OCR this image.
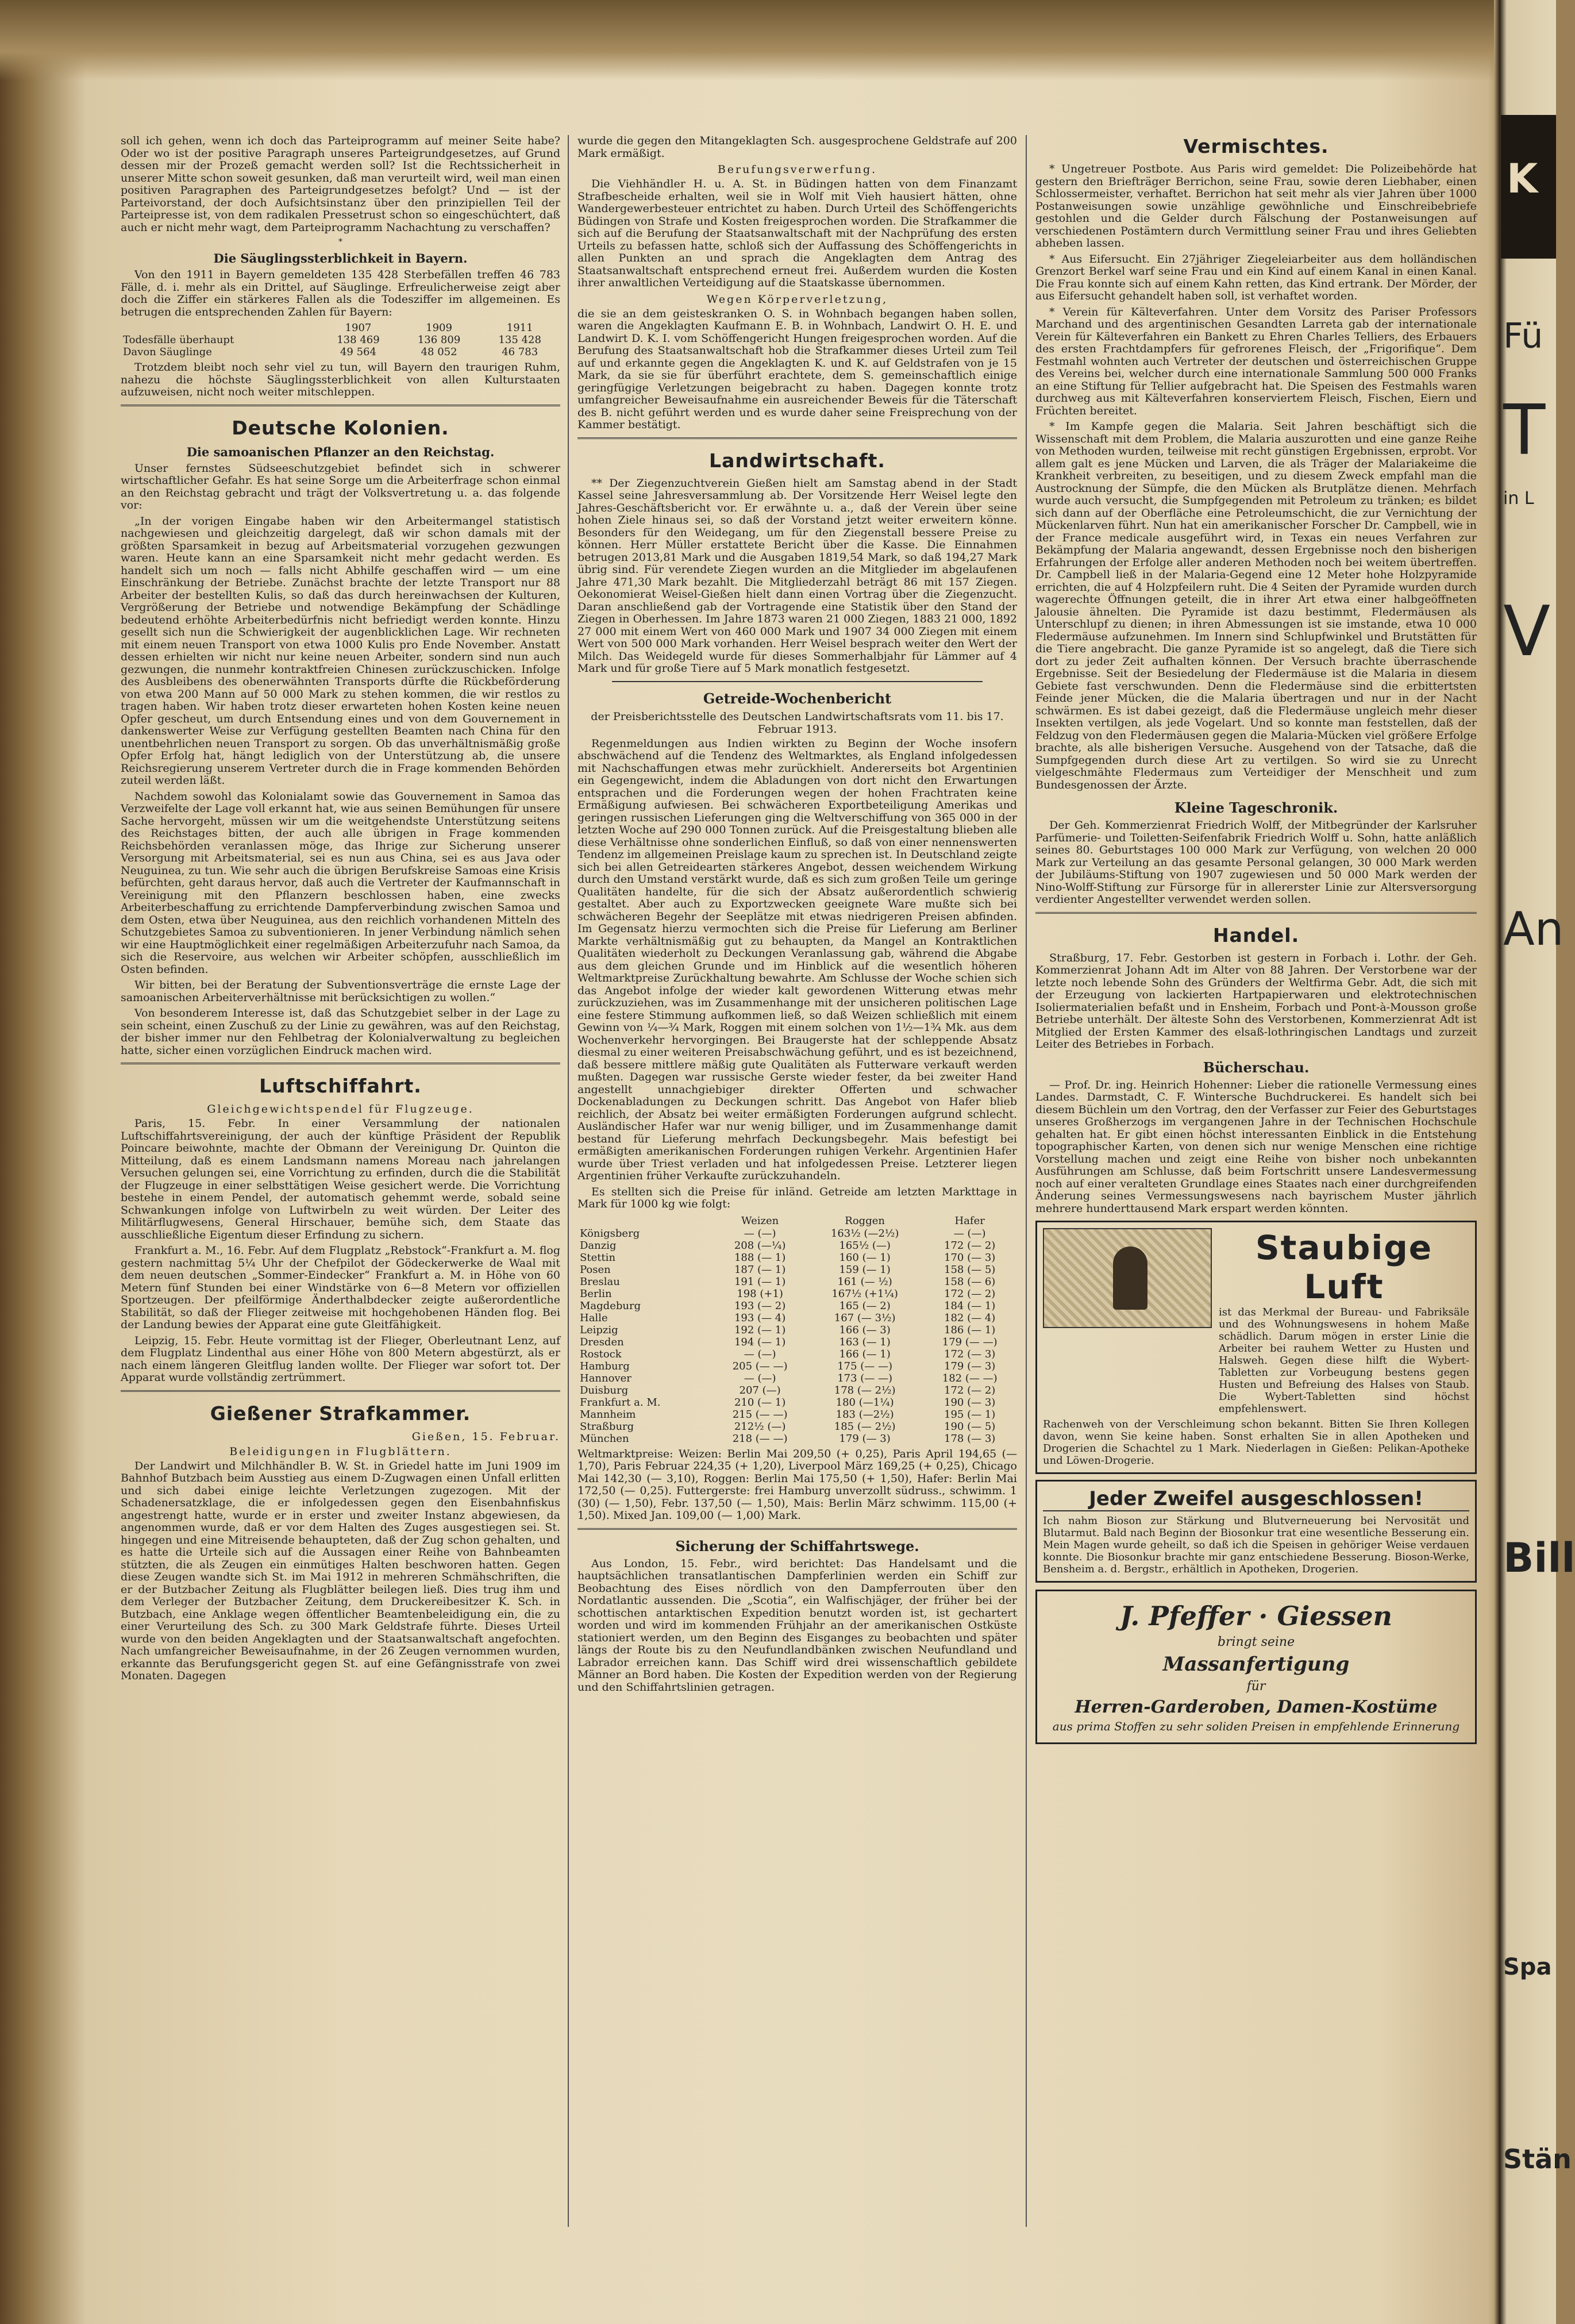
K
Fü
T
in L
V
An
Bill
Spa
Stän

soll ich gehen, wenn ich doch das Parteiprogramm auf meiner Seite habe? Oder wo ist der positive Paragraph unseres Parteigrundgesetzes, auf Grund dessen mir der Prozeß gemacht werden soll? Ist die Rechtssicherheit in unserer Mitte schon soweit gesunken, daß man verurteilt wird, weil man einen positiven Paragraphen des Parteigrundgesetzes befolgt? Und — ist der Parteivorstand, der doch Aufsichtsinstanz über den prinzipiellen Teil der Parteipresse ist, von dem radikalen Pressetrust schon so eingeschüchtert, daß auch er nicht mehr wagt, dem Parteiprogramm Nachachtung zu verschaffen?

*
Die Säuglingssterblichkeit in Bayern.

Von den 1911 in Bayern gemeldeten 135 428 Sterbefällen treffen 46 783 Fälle, d. i. mehr als ein Drittel, auf Säuglinge. Erfreulicherweise zeigt aber doch die Ziffer ein stärkeres Fallen als die Todesziffer im allgemeinen. Es betrugen die entsprechenden Zahlen für Bayern:

	1907	1909	1911
Todesfälle überhaupt	138 469	136 809	135 428
Davon Säuglinge	49 564	48 052	46 783

Trotzdem bleibt noch sehr viel zu tun, will Bayern den traurigen Ruhm, nahezu die höchste Säuglingssterblichkeit von allen Kulturstaaten aufzuweisen, nicht noch weiter mitschleppen.

Deutsche Kolonien.
Die samoanischen Pflanzer an den Reichstag.

Unser fernstes Südseeschutzgebiet befindet sich in schwerer wirtschaftlicher Gefahr. Es hat seine Sorge um die Arbeiterfrage schon einmal an den Reichstag gebracht und trägt der Volksvertretung u. a. das folgende vor:

„In der vorigen Eingabe haben wir den Arbeitermangel statistisch nachgewiesen und gleichzeitig dargelegt, daß wir schon damals mit der größten Sparsamkeit in bezug auf Arbeitsmaterial vorzugehen gezwungen waren. Heute kann an eine Sparsamkeit nicht mehr gedacht werden. Es handelt sich um noch — falls nicht Abhilfe geschaffen wird — um eine Einschränkung der Betriebe. Zunächst brachte der letzte Transport nur 88 Arbeiter der bestellten Kulis, so daß das durch hereinwachsen der Kulturen, Vergrößerung der Betriebe und notwendige Bekämpfung der Schädlinge bedeutend erhöhte Arbeiterbedürfnis nicht befriedigt werden konnte. Hinzu gesellt sich nun die Schwierigkeit der augenblicklichen Lage. Wir rechneten mit einem neuen Transport von etwa 1000 Kulis pro Ende November. Anstatt dessen erhielten wir nicht nur keine neuen Arbeiter, sondern sind nun auch gezwungen, die nunmehr kontraktfreien Chinesen zurückzuschicken. Infolge des Ausbleibens des obenerwähnten Transports dürfte die Rückbeförderung von etwa 200 Mann auf 50 000 Mark zu stehen kommen, die wir restlos zu tragen haben. Wir haben trotz dieser erwarteten hohen Kosten keine neuen Opfer gescheut, um durch Entsendung eines und von dem Gouvernement in dankenswerter Weise zur Verfügung gestellten Beamten nach China für den unentbehrlichen neuen Transport zu sorgen. Ob das unverhältnismäßig große Opfer Erfolg hat, hängt lediglich von der Unterstützung ab, die unsere Reichsregierung unserem Vertreter durch die in Frage kommenden Behörden zuteil werden läßt.

Nachdem sowohl das Kolonialamt sowie das Gouvernement in Samoa das Verzweifelte der Lage voll erkannt hat, wie aus seinen Bemühungen für unsere Sache hervorgeht, müssen wir um die weitgehendste Unterstützung seitens des Reichstages bitten, der auch alle übrigen in Frage kommenden Reichsbehörden veranlassen möge, das Ihrige zur Sicherung unserer Versorgung mit Arbeitsmaterial, sei es nun aus China, sei es aus Java oder Neuguinea, zu tun. Wie sehr auch die übrigen Berufskreise Samoas eine Krisis befürchten, geht daraus hervor, daß auch die Vertreter der Kaufmannschaft in Vereinigung mit den Pflanzern beschlossen haben, eine zwecks Arbeiterbeschaffung zu errichtende Dampferverbindung zwischen Samoa und dem Osten, etwa über Neuguinea, aus den reichlich vorhandenen Mitteln des Schutzgebietes Samoa zu subventionieren. In jener Verbindung nämlich sehen wir eine Hauptmöglichkeit einer regelmäßigen Arbeiterzufuhr nach Samoa, da sich die Reservoire, aus welchen wir Arbeiter schöpfen, ausschließlich im Osten befinden.

Wir bitten, bei der Beratung der Subventionsverträge die ernste Lage der samoanischen Arbeiterverhältnisse mit berücksichtigen zu wollen.“

Von besonderem Interesse ist, daß das Schutzgebiet selber in der Lage zu sein scheint, einen Zuschuß zu der Linie zu gewähren, was auf den Reichstag, der bisher immer nur den Fehlbetrag der Kolonialverwaltung zu begleichen hatte, sicher einen vorzüglichen Eindruck machen wird.

Luftschiffahrt.
Gleichgewichtspendel für Flugzeuge.

Paris, 15. Febr. In einer Versammlung der nationalen Luftschiffahrtsvereinigung, der auch der künftige Präsident der Republik Poincare beiwohnte, machte der Obmann der Vereinigung Dr. Quinton die Mitteilung, daß es einem Landsmann namens Moreau nach jahrelangen Versuchen gelungen sei, eine Vorrichtung zu erfinden, durch die die Stabilität der Flugzeuge in einer selbsttätigen Weise gesichert werde. Die Vorrichtung bestehe in einem Pendel, der automatisch gehemmt werde, sobald seine Schwankungen infolge von Luftwirbeln zu weit würden. Der Leiter des Militärflugwesens, General Hirschauer, bemühe sich, dem Staate das ausschließliche Eigentum dieser Erfindung zu sichern.

Frankfurt a. M., 16. Febr. Auf dem Flugplatz „Rebstock“-Frankfurt a. M. flog gestern nachmittag 5¼ Uhr der Chefpilot der Gödeckerwerke de Waal mit dem neuen deutschen „Sommer-Eindecker“ Frankfurt a. M. in Höhe von 60 Metern fünf Stunden bei einer Windstärke von 6—8 Metern vor offiziellen Sportzeugen. Der pfeilförmige Änderthalbdecker zeigte außerordentliche Stabilität, so daß der Flieger zeitweise mit hochgehobenen Händen flog. Bei der Landung bewies der Apparat eine gute Gleitfähigkeit.

Leipzig, 15. Febr. Heute vormittag ist der Flieger, Oberleutnant Lenz, auf dem Flugplatz Lindenthal aus einer Höhe von 800 Metern abgestürzt, als er nach einem längeren Gleitflug landen wollte. Der Flieger war sofort tot. Der Apparat wurde vollständig zertrümmert.

Gießener Strafkammer.
Gießen, 15. Februar.
Beleidigungen in Flugblättern.

Der Landwirt und Milchhändler B. W. St. in Griedel hatte im Juni 1909 im Bahnhof Butzbach beim Ausstieg aus einem D-Zugwagen einen Unfall erlitten und sich dabei einige leichte Verletzungen zugezogen. Mit der Schadenersatzklage, die er infolgedessen gegen den Eisenbahnfiskus angestrengt hatte, wurde er in erster und zweiter Instanz abgewiesen, da angenommen wurde, daß er vor dem Halten des Zuges ausgestiegen sei. St. hingegen und eine Mitreisende behaupteten, daß der Zug schon gehalten, und es hatte die Urteile sich auf die Aussagen einer Reihe von Bahnbeamten stützten, die als Zeugen ein einmütiges Halten beschworen hatten. Gegen diese Zeugen wandte sich St. im Mai 1912 in mehreren Schmähschriften, die er der Butzbacher Zeitung als Flugblätter beilegen ließ. Dies trug ihm und dem Verleger der Butzbacher Zeitung, dem Druckereibesitzer K. Sch. in Butzbach, eine Anklage wegen öffentlicher Beamtenbeleidigung ein, die zu einer Verurteilung des Sch. zu 300 Mark Geldstrafe führte. Dieses Urteil wurde von den beiden Angeklagten und der Staatsanwaltschaft angefochten. Nach umfangreicher Beweisaufnahme, in der 26 Zeugen vernommen wurden, erkannte das Berufungsgericht gegen St. auf eine Gefängnisstrafe von zwei Monaten. Dagegen

wurde die gegen den Mitangeklagten Sch. ausgesprochene Geldstrafe auf 200 Mark ermäßigt.

Berufungsverwerfung.

Die Viehhändler H. u. A. St. in Büdingen hatten von dem Finanzamt Strafbescheide erhalten, weil sie in Wolf mit Vieh hausiert hätten, ohne Wandergewerbesteuer entrichtet zu haben. Durch Urteil des Schöffengerichts Büdingen von Strafe und Kosten freigesprochen worden. Die Strafkammer die sich auf die Berufung der Staatsanwaltschaft mit der Nachprüfung des ersten Urteils zu befassen hatte, schloß sich der Auffassung des Schöffengerichts in allen Punkten an und sprach die Angeklagten dem Antrag des Staatsanwaltschaft entsprechend erneut frei. Außerdem wurden die Kosten ihrer anwaltlichen Verteidigung auf die Staatskasse übernommen.

Wegen Körperverletzung,

die sie an dem geisteskranken O. S. in Wohnbach begangen haben sollen, waren die Angeklagten Kaufmann E. B. in Wohnbach, Landwirt O. H. E. und Landwirt D. K. I. vom Schöffengericht Hungen freigesprochen worden. Auf die Berufung des Staatsanwaltschaft hob die Strafkammer dieses Urteil zum Teil auf und erkannte gegen die Angeklagten K. und K. auf Geldstrafen von je 15 Mark, da sie sie für überführt erachtete, dem S. gemeinschaftlich einige geringfügige Verletzungen beigebracht zu haben. Dagegen konnte trotz umfangreicher Beweisaufnahme ein ausreichender Beweis für die Täterschaft des B. nicht geführt werden und es wurde daher seine Freisprechung von der Kammer bestätigt.

Landwirtschaft.

** Der Ziegenzuchtverein Gießen hielt am Samstag abend in der Stadt Kassel seine Jahresversammlung ab. Der Vorsitzende Herr Weisel legte den Jahres-Geschäftsbericht vor. Er erwähnte u. a., daß der Verein über seine hohen Ziele hinaus sei, so daß der Vorstand jetzt weiter erweitern könne. Besonders für den Weidegang, um für den Ziegenstall bessere Preise zu können. Herr Müller erstattete Bericht über die Kasse. Die Einnahmen betrugen 2013,81 Mark und die Ausgaben 1819,54 Mark, so daß 194,27 Mark übrig sind. Für verendete Ziegen wurden an die Mitglieder im abgelaufenen Jahre 471,30 Mark bezahlt. Die Mitgliederzahl beträgt 86 mit 157 Ziegen. Oekonomierat Weisel-Gießen hielt dann einen Vortrag über die Ziegenzucht. Daran anschließend gab der Vortragende eine Statistik über den Stand der Ziegen in Oberhessen. Im Jahre 1873 waren 21 000 Ziegen, 1883 21 000, 1892 27 000 mit einem Wert von 460 000 Mark und 1907 34 000 Ziegen mit einem Wert von 500 000 Mark vorhanden. Herr Weisel besprach weiter den Wert der Milch. Das Weidegeld wurde für dieses Sommerhalbjahr für Lämmer auf 4 Mark und für große Tiere auf 5 Mark monatlich festgesetzt.

Getreide-Wochenbericht
der Preisberichtsstelle des Deutschen Landwirtschaftsrats vom 11. bis 17. Februar 1913.

Regenmeldungen aus Indien wirkten zu Beginn der Woche insofern abschwächend auf die Tendenz des Weltmarktes, als England infolgedessen mit Nachschaffungen etwas mehr zurückhielt. Andererseits bot Argentinien ein Gegengewicht, indem die Abladungen von dort nicht den Erwartungen entsprachen und die Forderungen wegen der hohen Frachtraten keine Ermäßigung aufwiesen. Bei schwächeren Exportbeteiligung Amerikas und geringen russischen Lieferungen ging die Weltverschiffung von 365 000 in der letzten Woche auf 290 000 Tonnen zurück. Auf die Preisgestaltung blieben alle diese Verhältnisse ohne sonderlichen Einfluß, so daß von einer nennenswerten Tendenz im allgemeinen Preislage kaum zu sprechen ist. In Deutschland zeigte sich bei allen Getreidearten stärkeres Angebot, dessen weichendem Wirkung durch den Umstand verstärkt wurde, daß es sich zum großen Teile um geringe Qualitäten handelte, für die sich der Absatz außerordentlich schwierig gestaltet. Aber auch zu Exportzwecken geeignete Ware mußte sich bei schwächeren Begehr der Seeplätze mit etwas niedrigeren Preisen abfinden. Im Gegensatz hierzu vermochten sich die Preise für Lieferung am Berliner Markte verhältnismäßig gut zu behaupten, da Mangel an Kontraktlichen Qualitäten wiederholt zu Deckungen Veranlassung gab, während die Abgabe aus dem gleichen Grunde und im Hinblick auf die wesentlich höheren Weltmarktpreise Zurückhaltung bewahrte. Am Schlusse der Woche schien sich das Angebot infolge der wieder kalt gewordenen Witterung etwas mehr zurückzuziehen, was im Zusammenhange mit der unsicheren politischen Lage eine festere Stimmung aufkommen ließ, so daß Weizen schließlich mit einem Gewinn von ¼—¾ Mark, Roggen mit einem solchen von 1½—1¾ Mk. aus dem Wochenverkehr hervorgingen. Bei Braugerste hat der schleppende Absatz diesmal zu einer weiteren Preisabschwächung geführt, und es ist bezeichnend, daß bessere mittlere mäßig gute Qualitäten als Futterware verkauft werden mußten. Dagegen war russische Gerste wieder fester, da bei zweiter Hand angestellt unnachgiebiger direkter Offerten und schwacher Dockenabladungen zu Deckungen schritt. Das Angebot von Hafer blieb reichlich, der Absatz bei weiter ermäßigten Forderungen aufgrund schlecht. Ausländischer Hafer war nur wenig billiger, und im Zusammenhange damit bestand für Lieferung mehrfach Deckungsbegehr. Mais befestigt bei ermäßigten amerikanischen Forderungen ruhigen Verkehr. Argentinien Hafer wurde über Triest verladen und hat infolgedessen Preise. Letzterer liegen Argentinien früher Verkaufte zurückzuhandeln.

Es stellten sich die Preise für inländ. Getreide am letzten Markttage in Mark für 1000 kg wie folgt:

	Weizen	Roggen	Hafer
Königsberg	— (—)	163½ (—2½)	— (—)
Danzig	208 (—¼)	165½ (—)	172 (— 2)
Stettin	188 (— 1)	160 (— 1)	170 (— 3)
Posen	187 (— 1)	159 (— 1)	158 (— 5)
Breslau	191 (— 1)	161 (— ½)	158 (— 6)
Berlin	198 (+1)	167½ (+1¼)	172 (— 2)
Magdeburg	193 (— 2)	165 (— 2)	184 (— 1)
Halle	193 (— 4)	167 (— 3½)	182 (— 4)
Leipzig	192 (— 1)	166 (— 3)	186 (— 1)
Dresden	194 (— 1)	163 (— 1)	179 (— —)
Rostock	— (—)	166 (— 1)	172 (— 3)
Hamburg	205 (— —)	175 (— —)	179 (— 3)
Hannover	— (—)	173 (— —)	182 (— —)
Duisburg	207 (—)	178 (— 2½)	172 (— 2)
Frankfurt a. M.	210 (— 1)	180 (—1¼)	190 (— 3)
Mannheim	215 (— —)	183 (—2½)	195 (— 1)
Straßburg	212½ (—)	185 (— 2½)	190 (— 5)
München	218 (— —)	179 (— 3)	178 (— 3)

Weltmarktpreise: Weizen: Berlin Mai 209,50 (+ 0,25), Paris April 194,65 (— 1,70), Paris Februar 224,35 (+ 1,20), Liverpool März 169,25 (+ 0,25), Chicago Mai 142,30 (— 3,10), Roggen: Berlin Mai 175,50 (+ 1,50), Hafer: Berlin Mai 172,50 (— 0,25). Futtergerste: frei Hamburg unverzollt südruss., schwimm. 1 (30) (— 1,50), Febr. 137,50 (— 1,50), Mais: Berlin März schwimm. 115,00 (+ 1,50). Mixed Jan. 109,00 (— 1,00) Mark.

Sicherung der Schiffahrtswege.

Aus London, 15. Febr., wird berichtet: Das Handelsamt und die hauptsächlichen transatlantischen Dampferlinien werden ein Schiff zur Beobachtung des Eises nördlich von den Dampferrouten über den Nordatlantic aussenden. Die „Scotia“, ein Walfischjäger, der früher bei der schottischen antarktischen Expedition benutzt worden ist, ist gechartert worden und wird im kommenden Frühjahr an der amerikanischen Ostküste stationiert werden, um den Beginn des Eisganges zu beobachten und später längs der Route bis zu den Neufundlandbänken zwischen Neufundland und Labrador erreichen kann. Das Schiff wird drei wissenschaftlich gebildete Männer an Bord haben. Die Kosten der Expedition werden von der Regierung und den Schiffahrtslinien getragen.

Vermischtes.

* Ungetreuer Postbote. Aus Paris wird gemeldet: Die Polizeibehörde hat gestern den Briefträger Berrichon, seine Frau, sowie deren Liebhaber, einen Schlossermeister, verhaftet. Berrichon hat seit mehr als vier Jahren über 1000 Postanweisungen sowie unzählige gewöhnliche und Einschreibebriefe gestohlen und die Gelder durch Fälschung der Postanweisungen auf verschiedenen Postämtern durch Vermittlung seiner Frau und ihres Geliebten abheben lassen.

* Aus Eifersucht. Ein 27jähriger Ziegeleiarbeiter aus dem holländischen Grenzort Berkel warf seine Frau und ein Kind auf einem Kanal in einen Kanal. Die Frau konnte sich auf einem Kahn retten, das Kind ertrank. Der Mörder, der aus Eifersucht gehandelt haben soll, ist verhaftet worden.

* Verein für Kälteverfahren. Unter dem Vorsitz des Pariser Professors Marchand und des argentinischen Gesandten Larreta gab der internationale Verein für Kälteverfahren ein Bankett zu Ehren Charles Telliers, des Erbauers des ersten Frachtdampfers für gefrorenes Fleisch, der „Frigorifique“. Dem Festmahl wohnten auch Vertreter der deutschen und österreichischen Gruppe des Vereins bei, welcher durch eine internationale Sammlung 500 000 Franks an eine Stiftung für Tellier aufgebracht hat. Die Speisen des Festmahls waren durchweg aus mit Kälteverfahren konserviertem Fleisch, Fischen, Eiern und Früchten bereitet.

* Im Kampfe gegen die Malaria. Seit Jahren beschäftigt sich die Wissenschaft mit dem Problem, die Malaria auszurotten und eine ganze Reihe von Methoden wurden, teilweise mit recht günstigen Ergebnissen, erprobt. Vor allem galt es jene Mücken und Larven, die als Träger der Malariakeime die Krankheit verbreiten, zu beseitigen, und zu diesem Zweck empfahl man die Austrocknung der Sümpfe, die den Mücken als Brutplätze dienen. Mehrfach wurde auch versucht, die Sumpfgegenden mit Petroleum zu tränken; es bildet sich dann auf der Oberfläche eine Petroleumschicht, die zur Vernichtung der Mückenlarven führt. Nun hat ein amerikanischer Forscher Dr. Campbell, wie in der France medicale ausgeführt wird, in Texas ein neues Verfahren zur Bekämpfung der Malaria angewandt, dessen Ergebnisse noch den bisherigen Erfahrungen der Erfolge aller anderen Methoden noch bei weitem übertreffen. Dr. Campbell ließ in der Malaria-Gegend eine 12 Meter hohe Holzpyramide errichten, die auf 4 Holzpfeilern ruht. Die 4 Seiten der Pyramide wurden durch wagerechte Öffnungen geteilt, die in ihrer Art etwa einer halbgeöffneten Jalousie ähnelten. Die Pyramide ist dazu bestimmt, Fledermäusen als Unterschlupf zu dienen; in ihren Abmessungen ist sie imstande, etwa 10 000 Fledermäuse aufzunehmen. Im Innern sind Schlupfwinkel und Brutstätten für die Tiere angebracht. Die ganze Pyramide ist so angelegt, daß die Tiere sich dort zu jeder Zeit aufhalten können. Der Versuch brachte überraschende Ergebnisse. Seit der Besiedelung der Fledermäuse ist die Malaria in diesem Gebiete fast verschwunden. Denn die Fledermäuse sind die erbittertsten Feinde jener Mücken, die die Malaria übertragen und nur in der Nacht schwärmen. Es ist dabei gezeigt, daß die Fledermäuse ungleich mehr dieser Insekten vertilgen, als jede Vogelart. Und so konnte man feststellen, daß der Feldzug von den Fledermäusen gegen die Malaria-Mücken viel größere Erfolge brachte, als alle bisherigen Versuche. Ausgehend von der Tatsache, daß die Sumpfgegenden durch diese Art zu vertilgen. So wird sie zu Unrecht vielgeschmähte Fledermaus zum Verteidiger der Menschheit und zum Bundesgenossen der Ärzte.

Kleine Tageschronik.

Der Geh. Kommerzienrat Friedrich Wolff, der Mitbegründer der Karlsruher Parfümerie- und Toiletten-Seifenfabrik Friedrich Wolff u. Sohn, hatte anläßlich seines 80. Geburtstages 100 000 Mark zur Verfügung, von welchen 20 000 Mark zur Verteilung an das gesamte Personal gelangen, 30 000 Mark werden der Jubiläums-Stiftung von 1907 zugewiesen und 50 000 Mark werden der Nino-Wolff-Stiftung zur Fürsorge für in allererster Linie zur Altersversorgung verdienter Angestellter verwendet werden sollen.

Handel.

Straßburg, 17. Febr. Gestorben ist gestern in Forbach i. Lothr. der Geh. Kommerzienrat Johann Adt im Alter von 88 Jahren. Der Verstorbene war der letzte noch lebende Sohn des Gründers der Weltfirma Gebr. Adt, die sich mit der Erzeugung von lackierten Hartpapierwaren und elektrotechnischen Isoliermaterialien befaßt und in Ensheim, Forbach und Pont-à-Mousson große Betriebe unterhält. Der älteste Sohn des Verstorbenen, Kommerzienrat Adt ist Mitglied der Ersten Kammer des elsaß-lothringischen Landtags und zurzeit Leiter des Betriebes in Forbach.

Bücherschau.

— Prof. Dr. ing. Heinrich Hohenner: Lieber die rationelle Vermessung eines Landes. Darmstadt, C. F. Wintersche Buchdruckerei. Es handelt sich bei diesem Büchlein um den Vortrag, den der Verfasser zur Feier des Geburtstages unseres Großherzogs im vergangenen Jahre in der Technischen Hochschule gehalten hat. Er gibt einen höchst interessanten Einblick in die Entstehung topographischer Karten, von denen sich nur wenige Menschen eine richtige Vorstellung machen und zeigt eine Reihe von bisher noch unbekannten Ausführungen am Schlusse, daß beim Fortschritt unsere Landesvermessung noch auf einer veralteten Grundlage eines Staates nach einer durchgreifenden Änderung seines Vermessungswesens nach bayrischem Muster jährlich mehrere hunderttausend Mark erspart werden könnten.

Staubige Luft
ist das Merkmal der Bureau- und Fabriksäle und des Wohnungswesens in hohem Maße schädlich. Darum mögen in erster Linie die Arbeiter bei rauhem Wetter zu Husten und Halsweh. Gegen diese hilft die Wybert-Tabletten zur Vorbeugung bestens gegen Husten und Befreiung des Halses von Staub. Die Wybert-Tabletten sind höchst empfehlenswert.
Rachenweh von der Verschleimung schon bekannt. Bitten Sie Ihren Kollegen davon, wenn Sie keine haben. Sonst erhalten Sie in allen Apotheken und Drogerien die Schachtel zu 1 Mark. Niederlagen in Gießen: Pelikan-Apotheke und Löwen-Drogerie.
Jeder Zweifel ausgeschlossen!
Ich nahm Bioson zur Stärkung und Blutverneuerung bei Nervosität und Blutarmut. Bald nach Beginn der Biosonkur trat eine wesentliche Besserung ein. Mein Magen wurde geheilt, so daß ich die Speisen in gehöriger Weise verdauen konnte. Die Biosonkur brachte mir ganz entschiedene Besserung. Bioson-Werke, Bensheim a. d. Bergstr., erhältlich in Apotheken, Drogerien.
J. Pfeffer · Giessen
bringt seine
Massanfertigung
für
Herren-Garderoben, Damen-Kostüme
aus prima Stoffen zu sehr soliden Preisen in empfehlende Erinnerung
